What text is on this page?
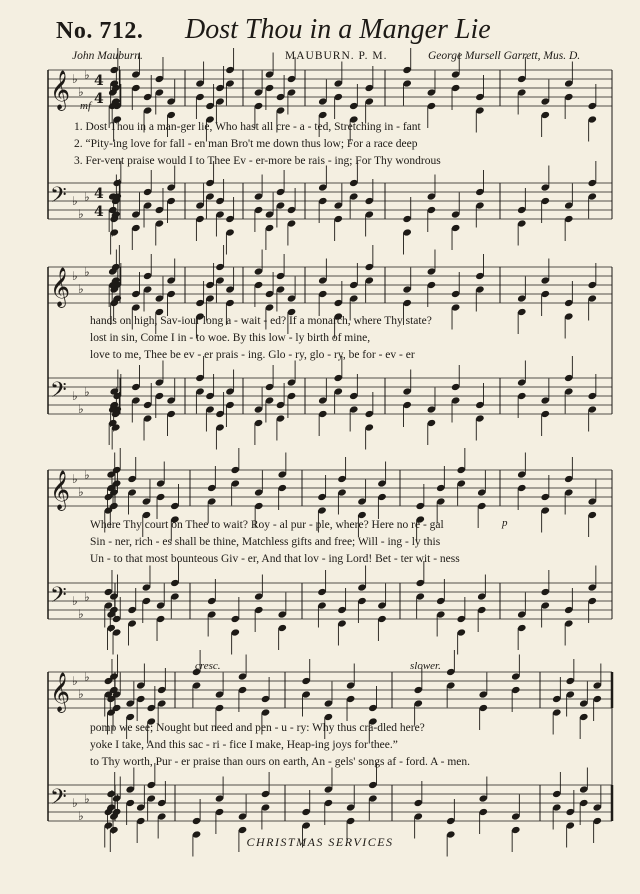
No. 712. Dost Thou in a Manger Lie
John Mauburn.	MAUBURN. P. M.	George Mursell Garrett, Mus. D.
𝄞 ♭
♭
♭ 4
4
𝄢 ♭
♭
♭ 4
4
𝄞 ♭
♭
♭
𝄢 ♭
♭
♭
𝄞 ♭
♭
♭
𝄢 ♭
♭
♭
𝄞 ♭
♭
♭
𝄢 ♭
♭
♭
mf
p
cresc.	slower.
1. Dost Thou in a man-ger lie, Who hast all cre - a - ted, Stretching in - fant
2. “Pity-ing love for fall - en man Bro't me down thus low; For a race deep
3. Fer-vent praise would I to Thee Ev - er-more be rais - ing; For Thy wondrous
hands on high, Sav-iour long a - wait - ed? If a monarch, where Thy state?
lost in sin, Come I in - to woe. By this low - ly birth of mine,
love to me, Thee be ev - er prais - ing. Glo - ry, glo - ry, be for - ev - er
Where Thy court on Thee to wait? Roy - al pur - ple, where? Here no re - gal
Sin - ner, rich - es shall be thine, Matchless gifts and free; Will - ing - ly this
Un - to that most bounteous Giv - er, And that lov - ing Lord! Bet - ter wit - ness
pomp we see; Nought but need and pen - u - ry: Why thus cra-dled here?
yoke I take, And this sac - ri - fice I make, Heap-ing joys for thee.”
to Thy worth, Pur - er praise than ours on earth, An - gels' songs af - ford. A - men.
CHRISTMAS SERVICES
